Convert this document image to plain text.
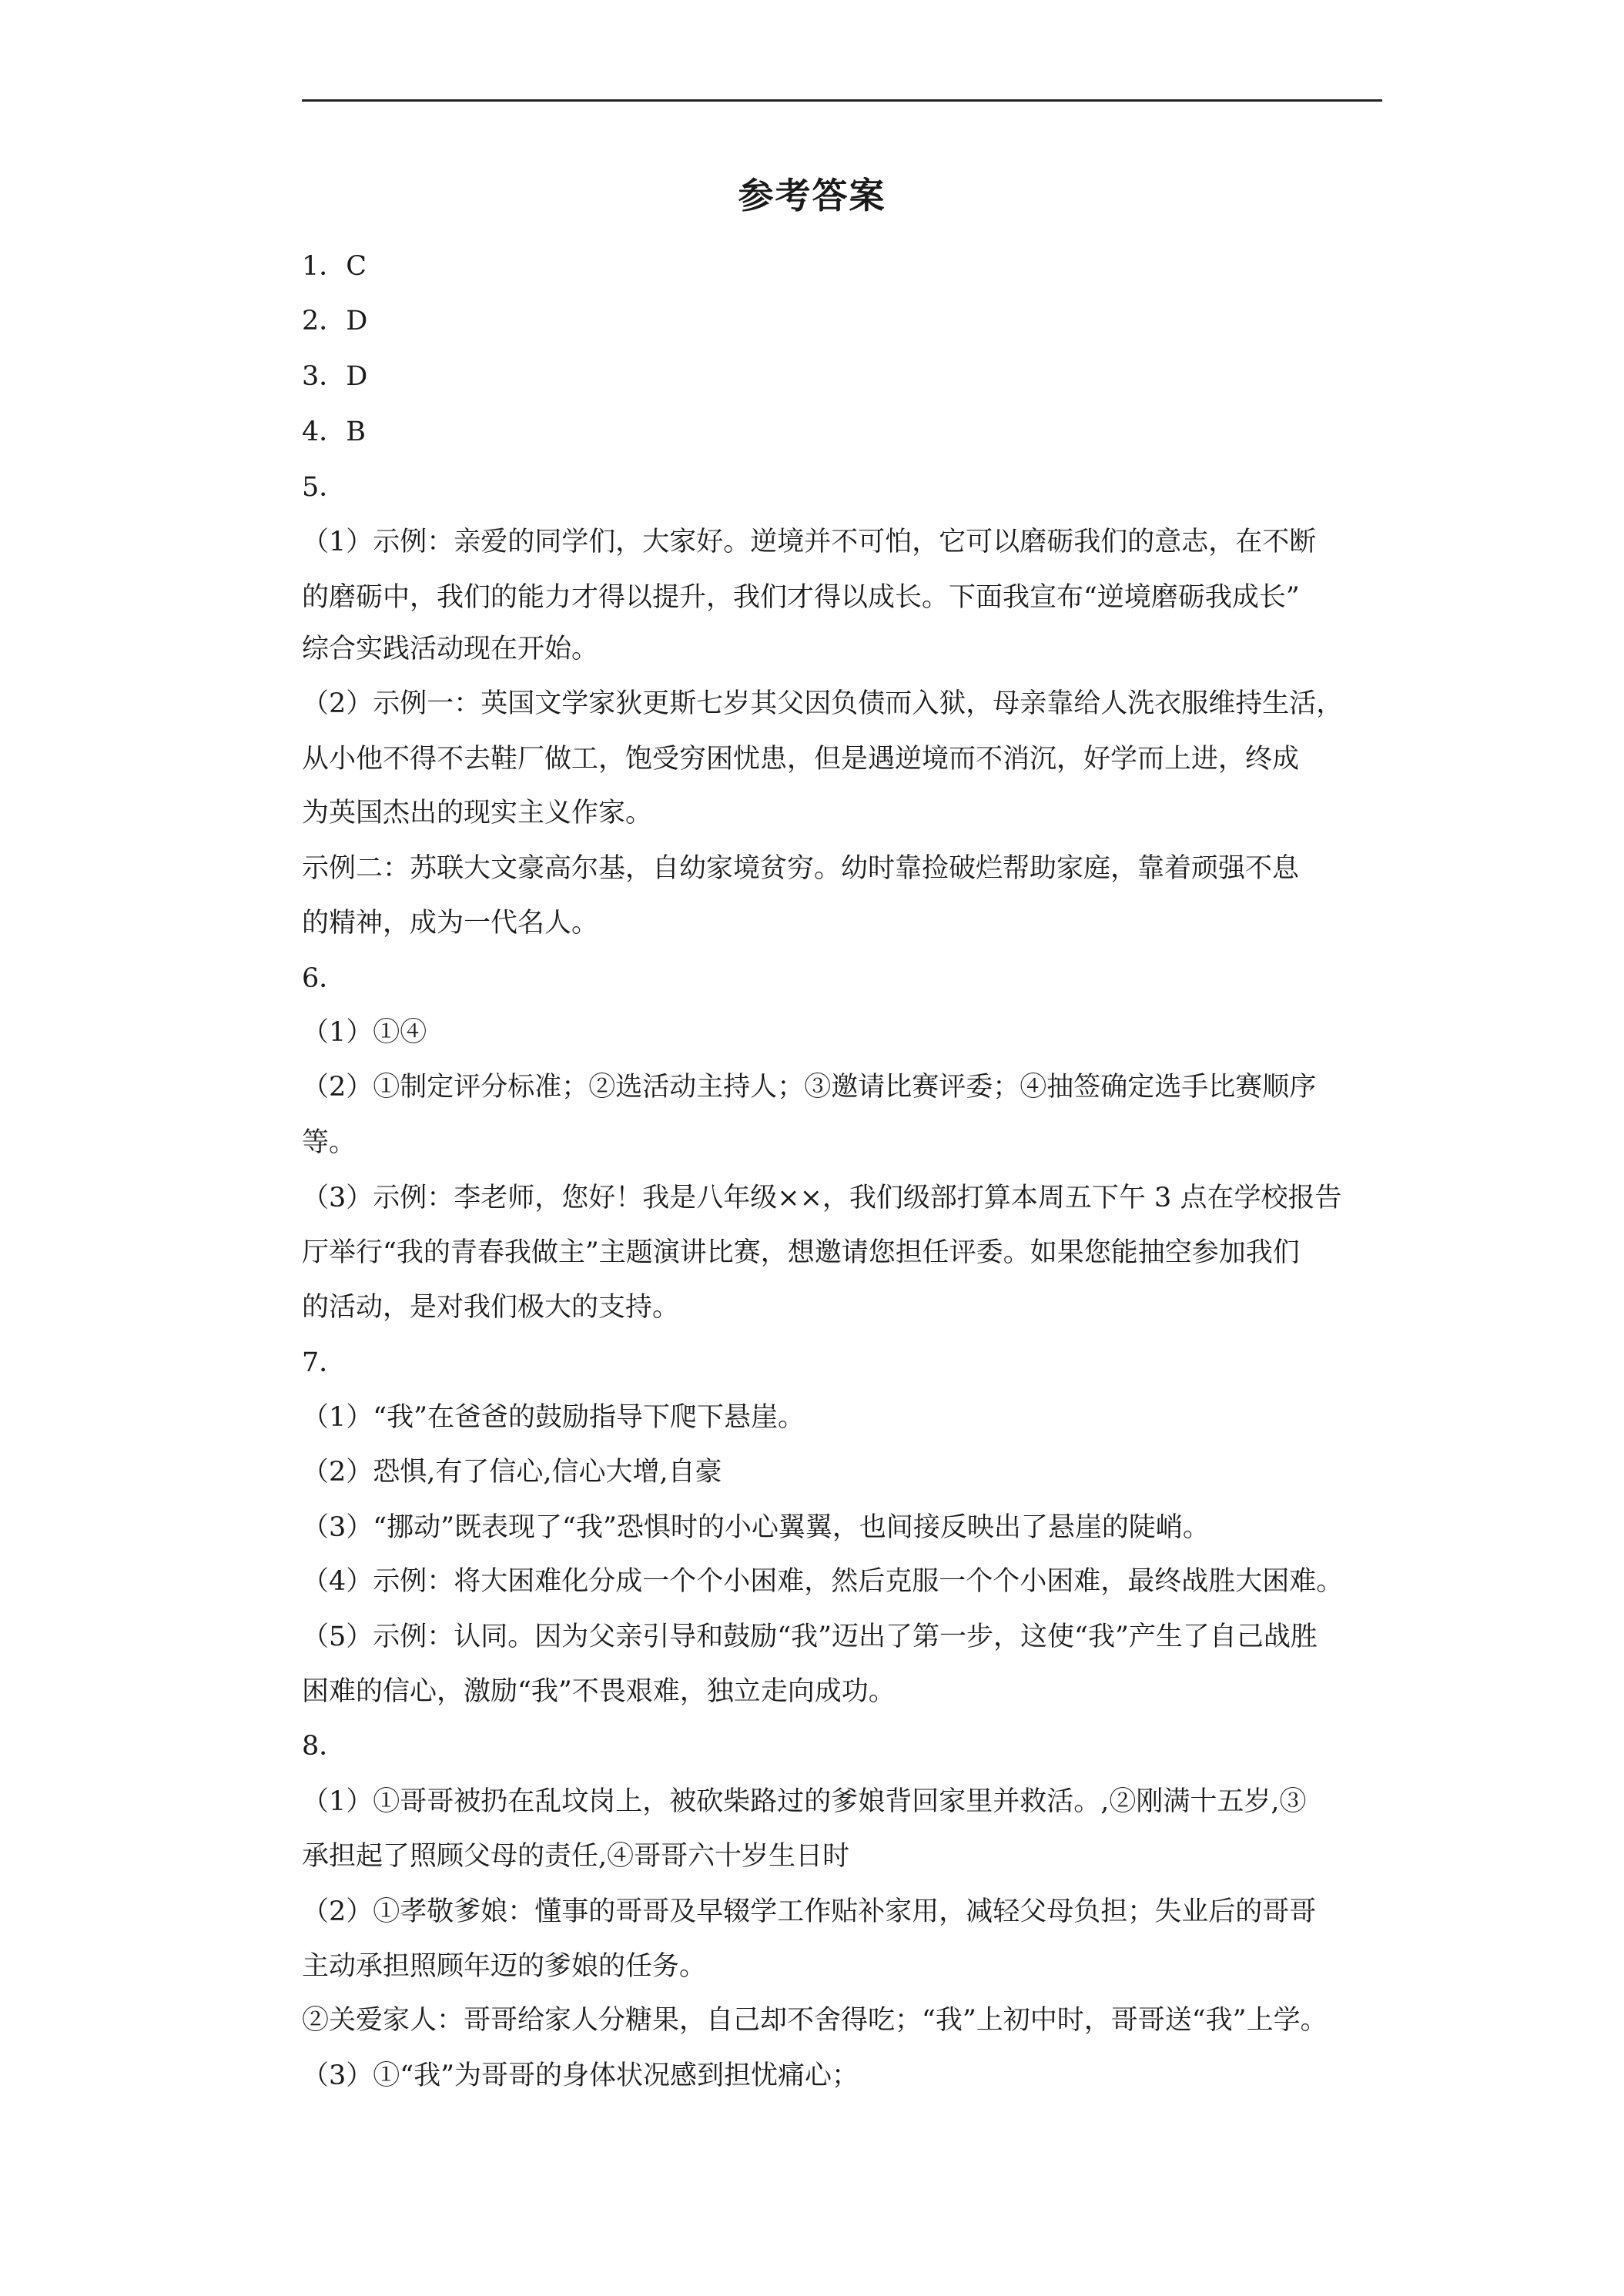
参考答案
1．C
2．D
3．D
4．B
5．
（1）示例：亲爱的同学们，大家好。逆境并不可怕，它可以磨砺我们的意志，在不断
的磨砺中，我们的能力才得以提升，我们才得以成长。下面我宣布“逆境磨砺我成长”
综合实践活动现在开始。
（2）示例一：英国文学家狄更斯七岁其父因负债而入狱，母亲靠给人洗衣服维持生活，
从小他不得不去鞋厂做工，饱受穷困忧患，但是遇逆境而不消沉，好学而上进，终成
为英国杰出的现实主义作家。
示例二：苏联大文豪高尔基，自幼家境贫穷。幼时靠捡破烂帮助家庭，靠着顽强不息
的精神，成为一代名人。
6．
（1）①④
（2）①制定评分标准；②选活动主持人；③邀请比赛评委；④抽签确定选手比赛顺序
等。
（3）示例：李老师，您好！我是八年级××，我们级部打算本周五下午 3 点在学校报告
厅举行“我的青春我做主”主题演讲比赛，想邀请您担任评委。如果您能抽空参加我们
的活动，是对我们极大的支持。
7．
（1）“我”在爸爸的鼓励指导下爬下悬崖。
（2）恐惧,有了信心,信心大增,自豪
（3）“挪动”既表现了“我”恐惧时的小心翼翼，也间接反映出了悬崖的陡峭。
（4）示例：将大困难化分成一个个小困难，然后克服一个个小困难，最终战胜大困难。
（5）示例：认同。因为父亲引导和鼓励“我”迈出了第一步，这使“我”产生了自己战胜
困难的信心，激励“我”不畏艰难，独立走向成功。
8．
（1）①哥哥被扔在乱坟岗上，被砍柴路过的爹娘背回家里并救活。,②刚满十五岁,③
承担起了照顾父母的责任,④哥哥六十岁生日时
（2）①孝敬爹娘：懂事的哥哥及早辍学工作贴补家用，减轻父母负担；失业后的哥哥
主动承担照顾年迈的爹娘的任务。
②关爱家人：哥哥给家人分糖果，自己却不舍得吃；“我”上初中时，哥哥送“我”上学。
（3）①“我”为哥哥的身体状况感到担忧痛心；
